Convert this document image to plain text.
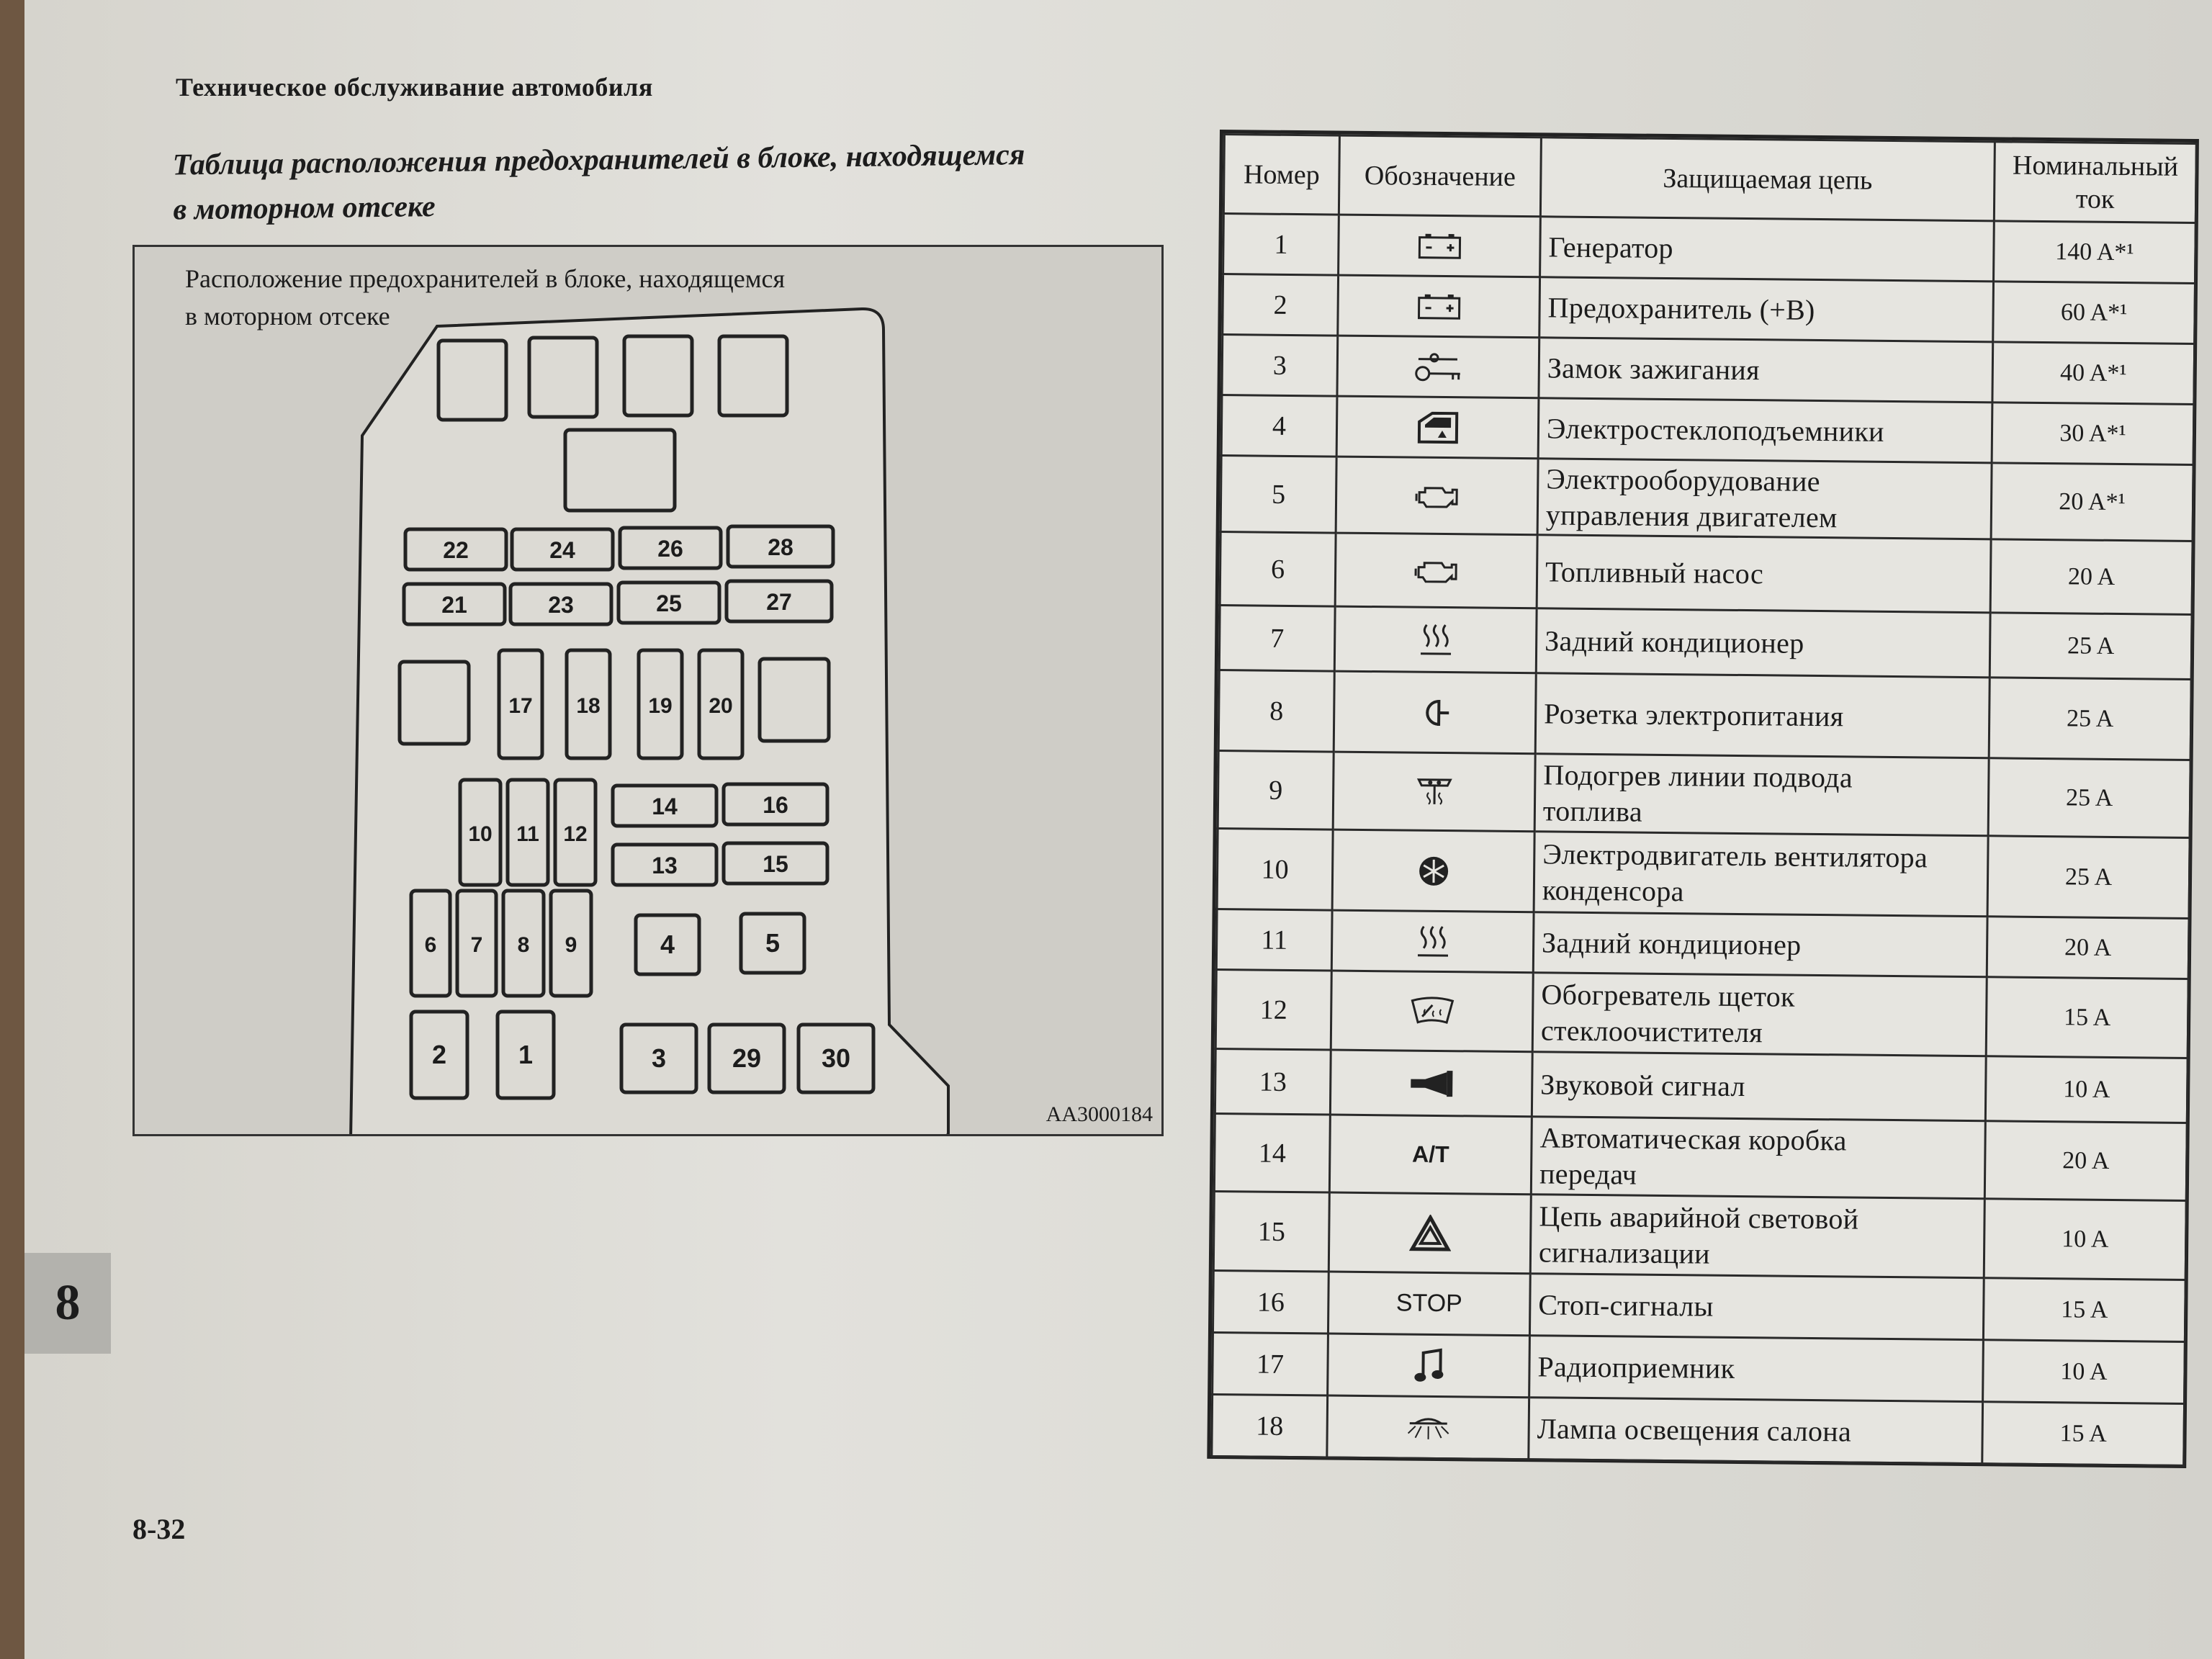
Техническое обслуживание автомобиля
Таблица расположения предохранителей в блоке, находящемся
в моторном отсеке
22	24	26	28
21	23	25	27
17 18 19 20
10 11 12
14	16
13	15
6 7 8 9	4	5
2	1	3	29 30
Расположение предохранителей в блоке, находящемся
в моторном отсеке
AA3000184
Номер	Обозначение	Защищаемая цепь	Номинальный
ток

1		Генератор	140 A*¹
2		Предохранитель (+B)	60 A*¹
3		Замок зажигания	40 A*¹
4		Электростеклоподъемники	30 A*¹
5		Электрооборудование
управления двигателем	20 A*¹
6		Топливный насос	20 A
7		Задний кондиционер	25 A
8		Розетка электропитания	25 A
9		Подогрев линии подвода
топлива	25 A
10		Электродвигатель вентилятора
конденсора	25 A
11		Задний кондиционер	20 A
12		Обогреватель щеток
стеклоочистителя	15 A
13		Звуковой сигнал	10 A
14	A/T	Автоматическая коробка
передач	20 A
15		Цепь аварийной световой
сигнализации	10 A
16	STOP	Стоп-сигналы	15 A
17		Радиоприемник	10 A
18		Лампа освещения салона	15 A
8
8-32
